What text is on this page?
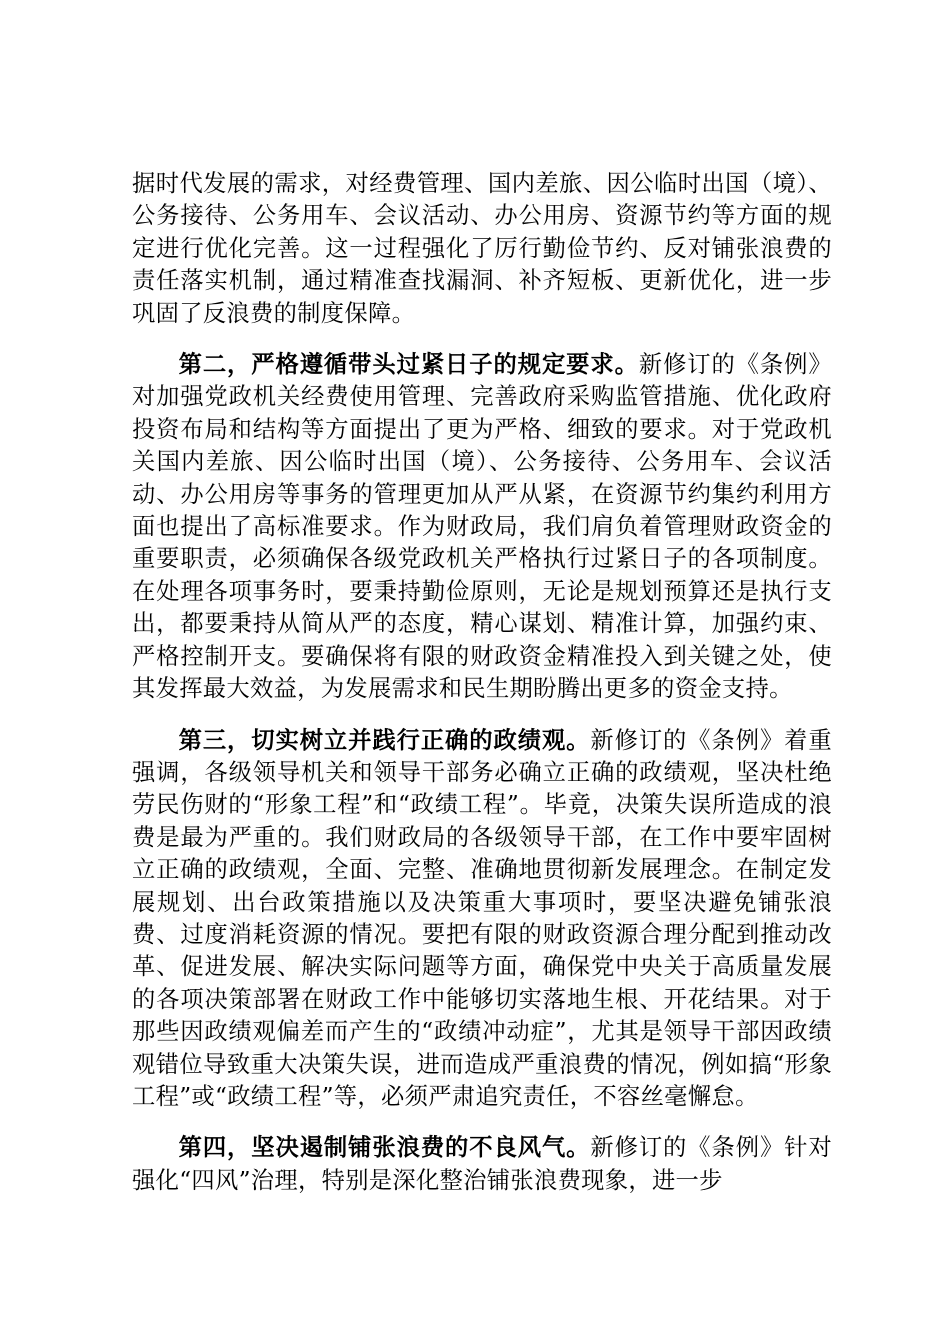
据时代发展的需求，对经费管理、国内差旅、因公临时出国（境）、公务接待、公务用车、会议活动、办公用房、资源节约等方面的规定进行优化完善。这一过程强化了厉行勤俭节约、反对铺张浪费的责任落实机制，通过精准查找漏洞、补齐短板、更新优化，进一步巩固了反浪费的制度保障。

第二，严格遵循带头过紧日子的规定要求。新修订的《条例》对加强党政机关经费使用管理、完善政府采购监管措施、优化政府投资布局和结构等方面提出了更为严格、细致的要求。对于党政机关国内差旅、因公临时出国（境）、公务接待、公务用车、会议活动、办公用房等事务的管理更加从严从紧，在资源节约集约利用方面也提出了高标准要求。作为财政局，我们肩负着管理财政资金的重要职责，必须确保各级党政机关严格执行过紧日子的各项制度。在处理各项事务时，要秉持勤俭原则，无论是规划预算还是执行支出，都要秉持从简从严的态度，精心谋划、精准计算，加强约束、严格控制开支。要确保将有限的财政资金精准投入到关键之处，使其发挥最大效益，为发展需求和民生期盼腾出更多的资金支持。

第三，切实树立并践行正确的政绩观。新修订的《条例》着重强调，各级领导机关和领导干部务必确立正确的政绩观，坚决杜绝劳民伤财的“形象工程”和“政绩工程”。毕竟，决策失误所造成的浪费是最为严重的。我们财政局的各级领导干部，在工作中要牢固树立正确的政绩观，全面、完整、准确地贯彻新发展理念。在制定发展规划、出台政策措施以及决策重大事项时，要坚决避免铺张浪费、过度消耗资源的情况。要把有限的财政资源合理分配到推动改革、促进发展、解决实际问题等方面，确保党中央关于高质量发展的各项决策部署在财政工作中能够切实落地生根、开花结果。对于那些因政绩观偏差而产生的“政绩冲动症”，尤其是领导干部因政绩观错位导致重大决策失误，进而造成严重浪费的情况，例如搞“形象工程”或“政绩工程”等，必须严肃追究责任，不容丝毫懈怠。

第四，坚决遏制铺张浪费的不良风气。新修订的《条例》针对强化“四风”治理，特别是深化整治铺张浪费现象，进一步
